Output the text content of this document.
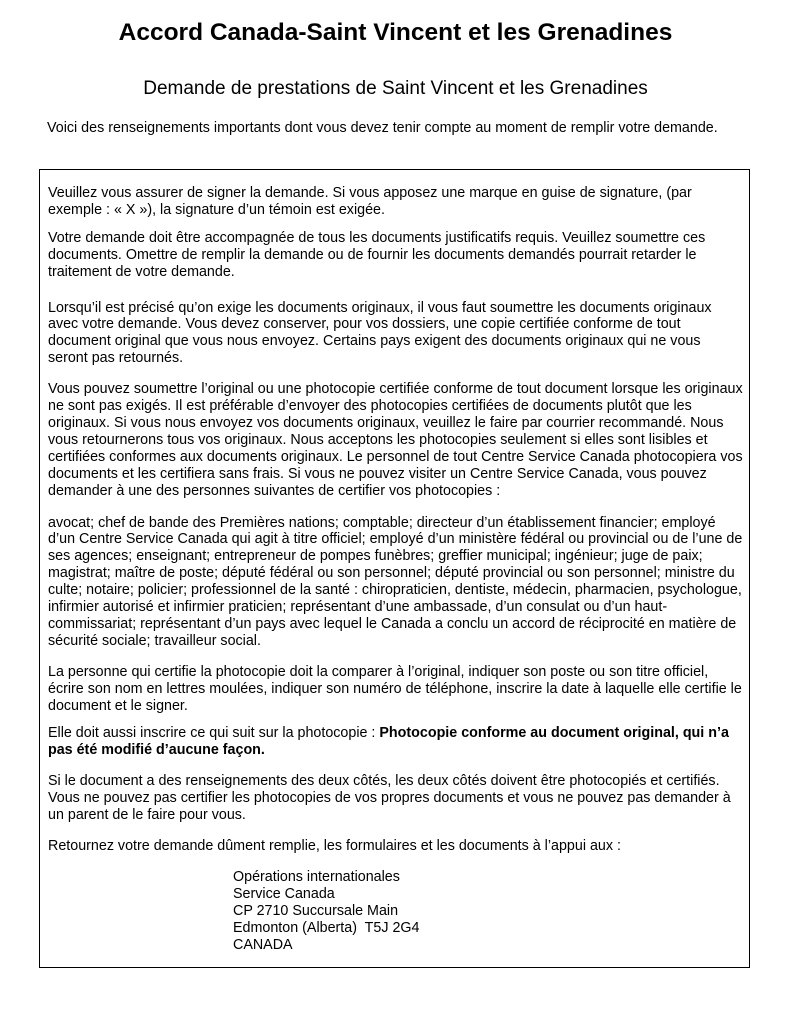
Accord Canada-Saint Vincent et les Grenadines
Demande de prestations de Saint Vincent et les Grenadines

Voici des renseignements importants dont vous devez tenir compte au moment de remplir votre demande.

Veuillez vous assurer de signer la demande. Si vous apposez une marque en guise de signature, (par exemple : « X »), la signature d’un témoin est exigée.

Votre demande doit être accompagnée de tous les documents justificatifs requis. Veuillez soumettre ces documents. Omettre de remplir la demande ou de fournir les documents demandés pourrait retarder le traitement de votre demande.

Lorsqu’il est précisé qu’on exige les documents originaux, il vous faut soumettre les documents originaux avec votre demande. Vous devez conserver, pour vos dossiers, une copie certifiée conforme de tout document original que vous nous envoyez. Certains pays exigent des documents originaux qui ne vous seront pas retournés.

Vous pouvez soumettre l’original ou une photocopie certifiée conforme de tout document lorsque les originaux ne sont pas exigés. Il est préférable d’envoyer des photocopies certifiées de documents plutôt que les originaux. Si vous nous envoyez vos documents originaux, veuillez le faire par courrier recommandé. Nous vous retournerons tous vos originaux. Nous acceptons les photocopies seulement si elles sont lisibles et certifiées conformes aux documents originaux. Le personnel de tout Centre Service Canada photocopiera vos documents et les certifiera sans frais. Si vous ne pouvez visiter un Centre Service Canada, vous pouvez demander à une des personnes suivantes de certifier vos photocopies :

avocat; chef de bande des Premières nations; comptable; directeur d’un établissement financier; employé d’un Centre Service Canada qui agit à titre officiel; employé d’un ministère fédéral ou provincial ou de l’une de ses agences; enseignant; entrepreneur de pompes funèbres; greffier municipal; ingénieur; juge de paix; magistrat; maître de poste; député fédéral ou son personnel; député provincial ou son personnel; ministre du culte; notaire; policier; professionnel de la santé : chiropraticien, dentiste, médecin, pharmacien, psychologue, infirmier autorisé et infirmier praticien; représentant d’une ambassade, d’un consulat ou d’un haut-commissariat; représentant d’un pays avec lequel le Canada a conclu un accord de réciprocité en matière de sécurité sociale; travailleur social.

La personne qui certifie la photocopie doit la comparer à l’original, indiquer son poste ou son titre officiel, écrire son nom en lettres moulées, indiquer son numéro de téléphone, inscrire la date à laquelle elle certifie le document et le signer.

Elle doit aussi inscrire ce qui suit sur la photocopie : Photocopie conforme au document original, qui n’a pas été modifié d’aucune façon.

Si le document a des renseignements des deux côtés, les deux côtés doivent être photocopiés et certifiés. Vous ne pouvez pas certifier les photocopies de vos propres documents et vous ne pouvez pas demander à un parent de le faire pour vous.

Retournez votre demande dûment remplie, les formulaires et les documents à l’appui aux :

Opérations internationales
Service Canada
CP 2710 Succursale Main
Edmonton (Alberta)  T5J 2G4
CANADA
